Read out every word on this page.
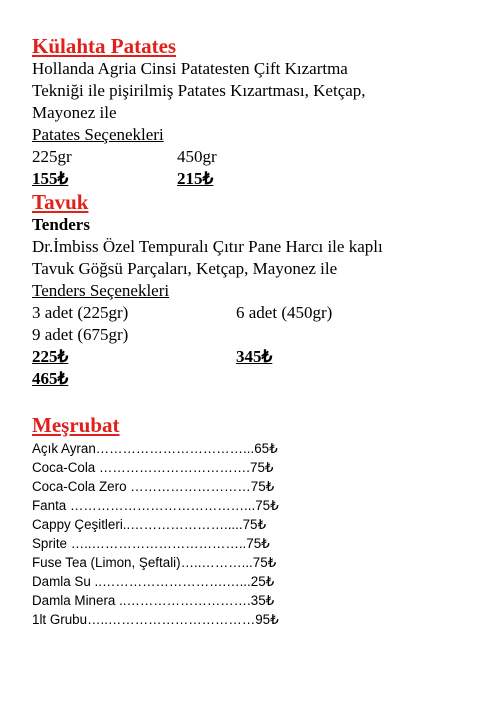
Külahta Patates

Hollanda Agria Cinsi Patatesten Çift Kızartma

Tekniği ile pişirilmiş Patates Kızartması, Ketçap,

Mayonez ile

Patates Seçenekleri

225gr	450gr
155₺	215₺
Tavuk

Tenders

Dr.İmbiss Özel Tempuralı Çıtır Pane Harcı ile kaplı

Tavuk Göğsü Parçaları, Ketçap, Mayonez ile

Tenders Seçenekleri

3 adet (225gr)	6 adet (450gr)

9 adet (675gr)

225₺	345₺

465₺

Meşrubat

Açık Ayran……………………………...65₺

Coca-Cola …………………………….75₺

Coca-Cola Zero ………………………75₺

Fanta …………………………………...75₺

Cappy Çeşitleri..………………….....75₺

Sprite …..……………………………..75₺

Fuse Tea (Limon, Şeftali)…..………...75₺

Damla Su ..……………………….…...25₺

Damla Minera ..……………………….35₺

1lt Grubu…..……………………………95₺
